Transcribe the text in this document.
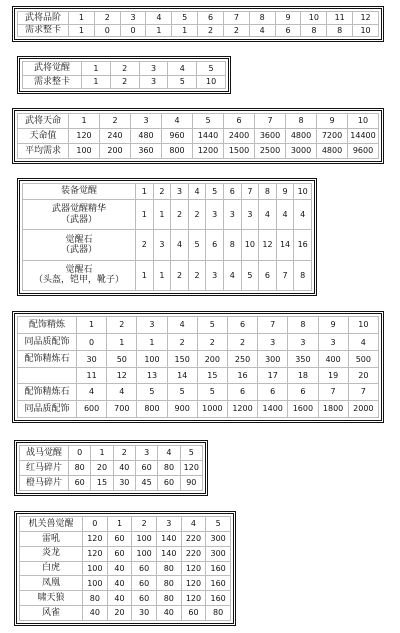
武将品阶	1	2	3	4	5	6	7	8	9	10	11	12
需求整卡	1	0	0	1	1	2	2	4	6	8	8	10
武将觉醒	1	2	3	4	5
需求整卡	1	2	3	5	10
武将天命	1	2	3	4	5	6	7	8	9	10
天命值	120	240	480	960	1440	2400	3600	4800	7200	14400
平均需求	100	200	360	800	1200	1500	2500	3000	4800	9600
装备觉醒	1	2	3	4	5	6	7	8	9	10
武器觉醒精华
（武器）	1	1	2	2	3	3	3	4	4	4
觉醒石
（武器）	2	3	4	5	6	8	10	12	14	16
觉醒石
（头盔，铠甲，靴子）	1	1	2	2	3	4	5	6	7	8
配饰精炼	1	2	3	4	5	6	7	8	9	10
同品质配饰	0	1	1	2	2	2	3	3	3	4
配饰精炼石	30	50	100	150	200	250	300	350	400	500
	11	12	13	14	15	16	17	18	19	20
配饰精炼石	4	4	5	5	5	6	6	6	7	7
同品质配饰	600	700	800	900	1000	1200	1400	1600	1800	2000
战马觉醒	0	1	2	3	4	5
红马碎片	80	20	40	60	80	120
橙马碎片	60	15	30	45	60	90
机关兽觉醒	0	1	2	3	4	5
雷吼	120	60	100	140	220	300
炎龙	120	60	100	140	220	300
白虎	100	40	60	80	120	160
凤凰	100	40	60	80	120	160
啸天狼	80	40	60	80	120	160
风雀	40	20	30	40	60	80
